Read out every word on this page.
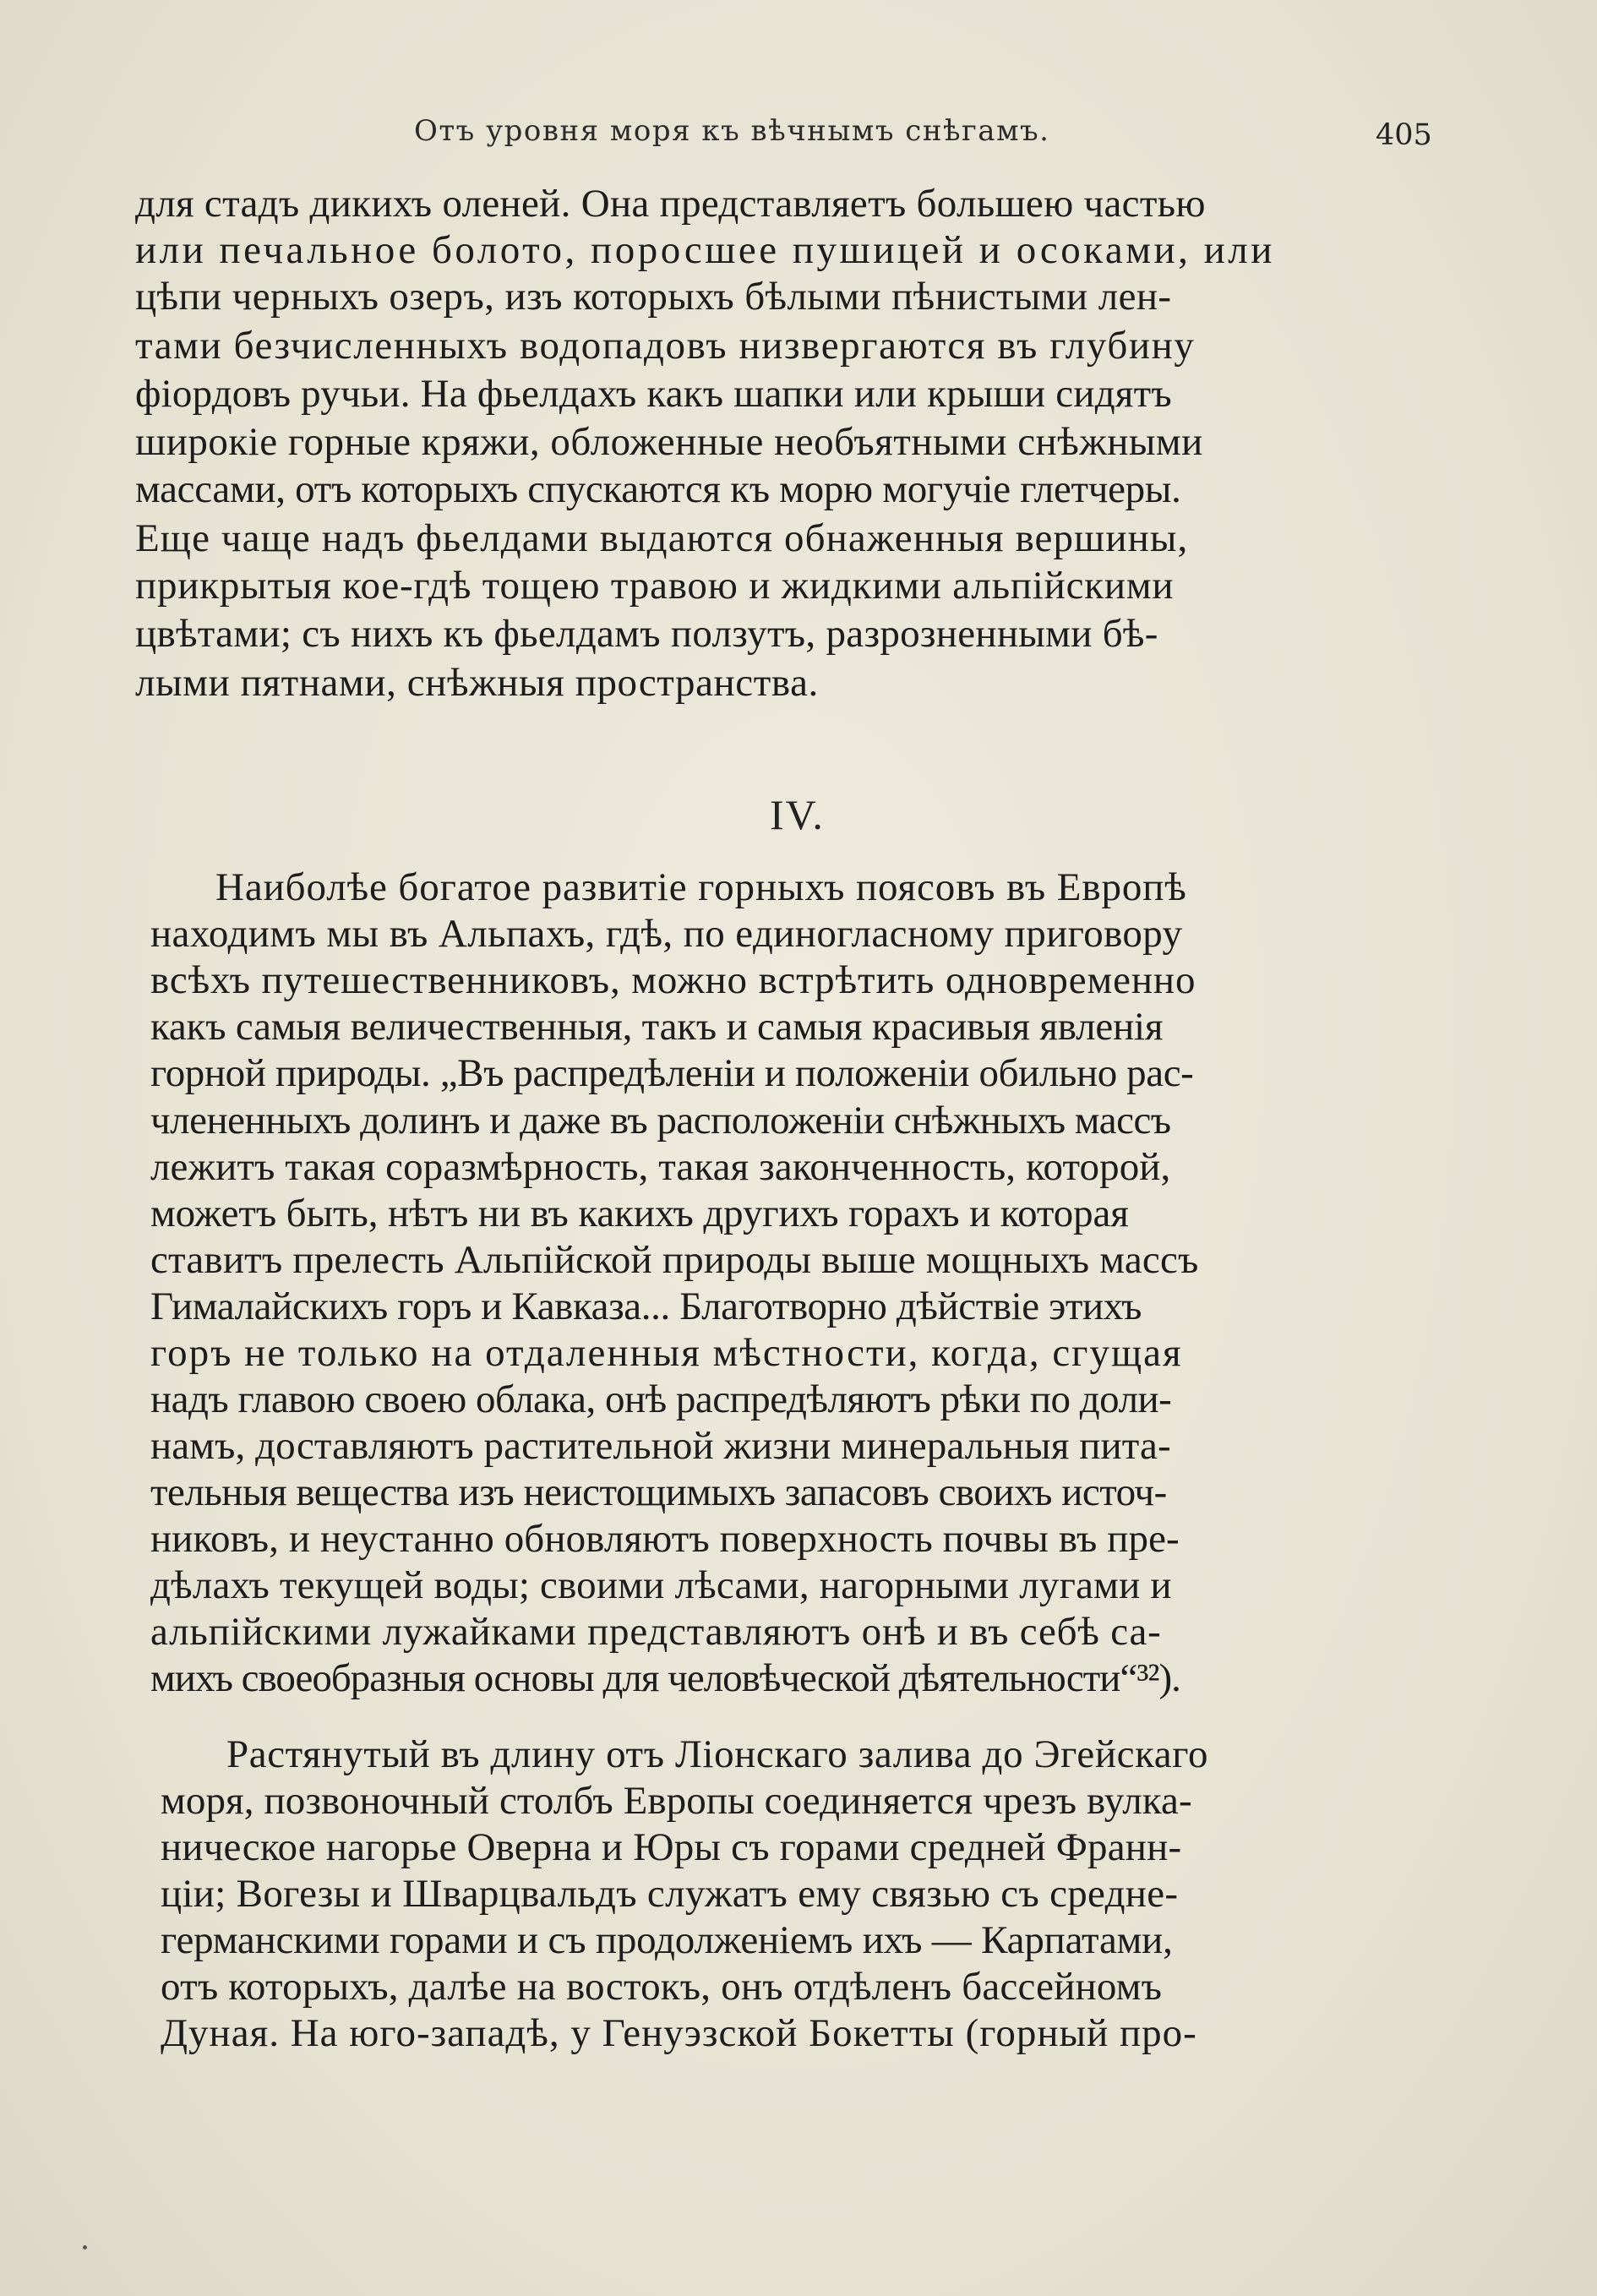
Отъ уровня моря къ вѣчнымъ снѣгамъ.	405
для стадъ дикихъ оленей. Она представляетъ большею частью
или печальное болото, поросшее пушицей и осоками, или
цѣпи черныхъ озеръ, изъ которыхъ бѣлыми пѣнистыми лен-
тами безчисленныхъ водопадовъ низвергаются въ глубину
фіордовъ ручьи. На фьелдахъ какъ шапки или крыши сидятъ
широкіе горные кряжи, обложенные необъятными снѣжными
массами, отъ которыхъ спускаются къ морю могучіе глетчеры.
Еще чаще надъ фьелдами выдаются обнаженныя вершины,
прикрытыя кое-гдѣ тощею травою и жидкими альпійскими
цвѣтами; съ нихъ къ фьелдамъ ползутъ, разрозненными бѣ-
лыми пятнами, снѣжныя пространства.
IV.
Наиболѣе богатое развитіе горныхъ поясовъ въ Европѣ
находимъ мы въ Альпахъ, гдѣ, по единогласному приговору
всѣхъ путешественниковъ, можно встрѣтить одновременно
какъ самыя величественныя, такъ и самыя красивыя явленія
горной природы. „Въ распредѣленіи и положеніи обильно рас-
члененныхъ долинъ и даже въ расположеніи снѣжныхъ массъ
лежитъ такая соразмѣрность, такая законченность, которой,
можетъ быть, нѣтъ ни въ какихъ другихъ горахъ и которая
ставитъ прелесть Альпійской природы выше мощныхъ массъ
Гималайскихъ горъ и Кавказа... Благотворно дѣйствіе этихъ
горъ не только на отдаленныя мѣстности, когда, сгущая
надъ главою своею облака, онѣ распредѣляютъ рѣки по доли-
намъ, доставляютъ растительной жизни минеральныя пита-
тельныя вещества изъ неистощимыхъ запасовъ своихъ источ-
никовъ, и неустанно обновляютъ поверхность почвы въ пре-
дѣлахъ текущей воды; своими лѣсами, нагорными лугами и
альпійскими лужайками представляютъ онѣ и въ себѣ са-
михъ своеобразныя основы для человѣческой дѣятельности“³²).
Растянутый въ длину отъ Ліонскаго залива до Эгейскаго
моря, позвоночный столбъ Европы соединяется чрезъ вулка-
ническое нагорье Оверна и Юры съ горами средней Франн-
ціи; Вогезы и Шварцвальдъ служатъ ему связью съ средне-
германскими горами и съ продолженіемъ ихъ — Карпатами,
отъ которыхъ, далѣе на востокъ, онъ отдѣленъ бассейномъ
Дуная. На юго-западѣ, у Генуэзской Бокетты (горный про-
